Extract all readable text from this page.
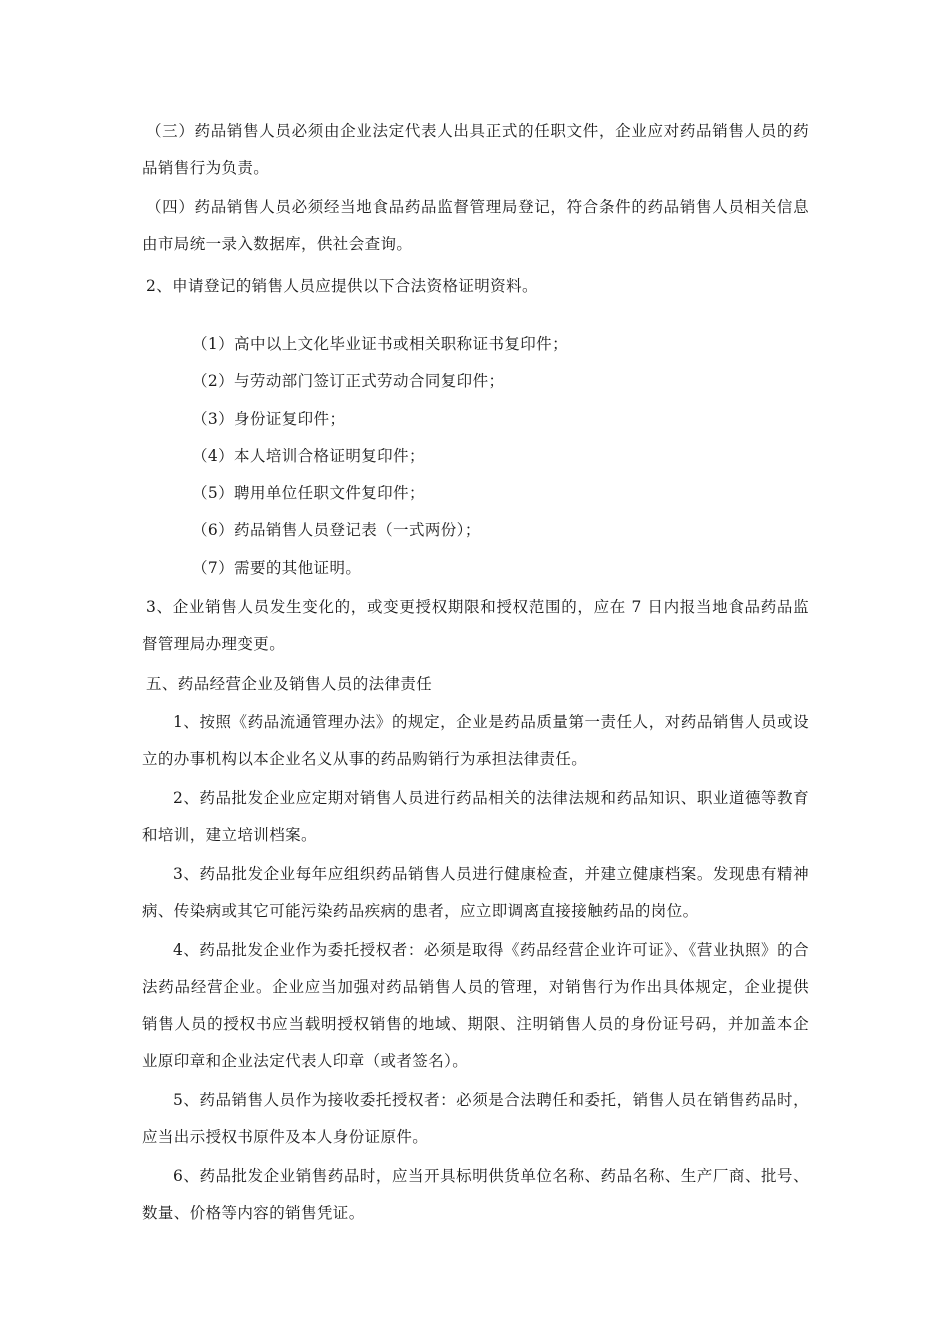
（三）药品销售人员必须由企业法定代表人出具正式的任职文件，企业应对药品销售人员的药品销售行为负责。

（四）药品销售人员必须经当地食品药品监督管理局登记，符合条件的药品销售人员相关信息由市局统一录入数据库，供社会查询。

2、申请登记的销售人员应提供以下合法资格证明资料。

（1）高中以上文化毕业证书或相关职称证书复印件；
（2）与劳动部门签订正式劳动合同复印件；
（3）身份证复印件；
（4）本人培训合格证明复印件；
（5）聘用单位任职文件复印件；
（6）药品销售人员登记表（一式两份）；
（7）需要的其他证明。

3、企业销售人员发生变化的，或变更授权期限和授权范围的，应在 7 日内报当地食品药品监督管理局办理变更。

五、药品经营企业及销售人员的法律责任

1、按照《药品流通管理办法》的规定，企业是药品质量第一责任人，对药品销售人员或设立的办事机构以本企业名义从事的药品购销行为承担法律责任。

2、药品批发企业应定期对销售人员进行药品相关的法律法规和药品知识、职业道德等教育和培训，建立培训档案。

3、药品批发企业每年应组织药品销售人员进行健康检查，并建立健康档案。发现患有精神病、传染病或其它可能污染药品疾病的患者，应立即调离直接接触药品的岗位。

4、药品批发企业作为委托授权者：必须是取得《药品经营企业许可证》、《营业执照》的合法药品经营企业。企业应当加强对药品销售人员的管理，对销售行为作出具体规定，企业提供销售人员的授权书应当载明授权销售的地域、期限、注明销售人员的身份证号码，并加盖本企业原印章和企业法定代表人印章（或者签名）。

5、药品销售人员作为接收委托授权者：必须是合法聘任和委托，销售人员在销售药品时，应当出示授权书原件及本人身份证原件。

6、药品批发企业销售药品时，应当开具标明供货单位名称、药品名称、生产厂商、批号、数量、价格等内容的销售凭证。
